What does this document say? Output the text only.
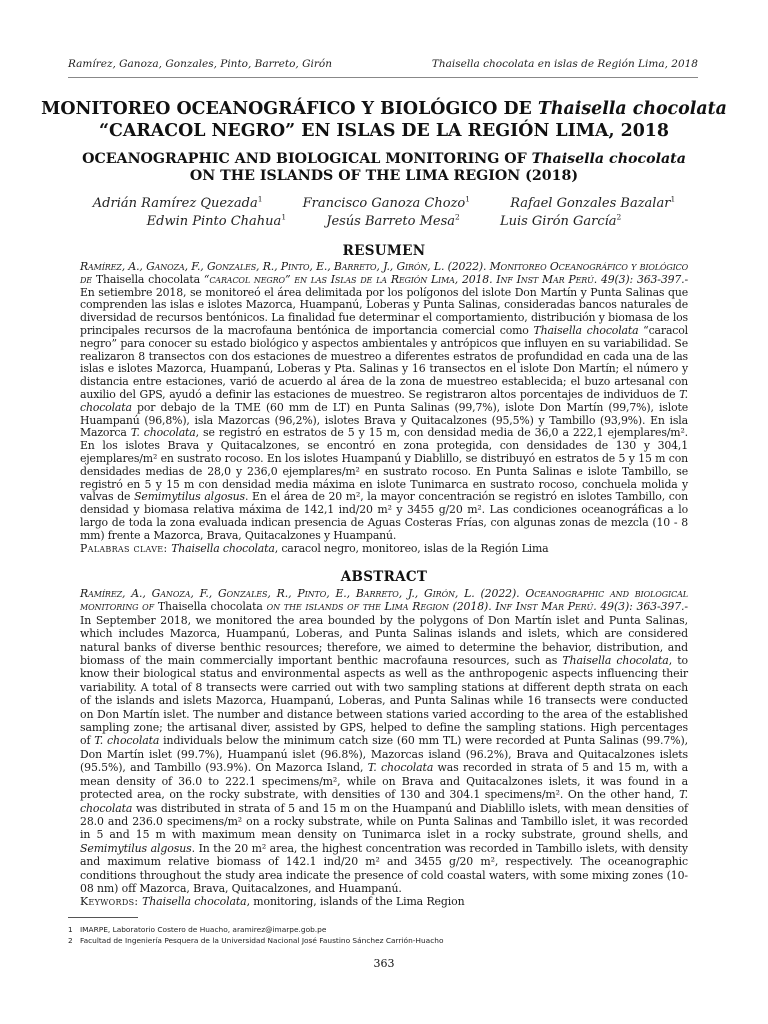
Ramírez, Ganoza, Gonzales, Pinto, Barreto, Girón	Thaisella chocolata en islas de Región Lima, 2018
MONITOREO OCEANOGRÁFICO Y BIOLÓGICO DE Thaisella chocolata
“CARACOL NEGRO” EN ISLAS DE LA REGIÓN LIMA, 2018
OCEANOGRAPHIC AND BIOLOGICAL MONITORING OF Thaisella chocolata
ON THE ISLANDS OF THE LIMA REGION (2018)
Adrián Ramírez Quezada$^1$	Francisco Ganoza Chozo$^1$	Rafael Gonzales Bazalar$^1$
Edwin Pinto Chahua$^1$	Jesús Barreto Mesa$^2$	Luis Girón García$^2$
RESUMEN
Ramírez, A., Ganoza, F., Gonzales, R., Pinto, E., Barreto, J., Girón, L. (2022). Monitoreo Oceanográfico y biológico de Thaisella chocolata “caracol negro” en las Islas de la Región Lima, 2018. Inf Inst Mar Perú. 49(3): 363-397.- En setiembre 2018, se monitoreó el área delimitada por los polígonos del islote Don Martín y Punta Salinas que comprenden las islas e islotes Mazorca, Huampanú, Loberas y Punta Salinas, consideradas bancos naturales de diversidad de recursos bentónicos. La finalidad fue determinar el comportamiento, distribución y biomasa de los principales recursos de la macrofauna bentónica de importancia comercial como Thaisella chocolata “caracol negro” para conocer su estado biológico y aspectos ambientales y antrópicos que influyen en su variabilidad. Se realizaron 8 transectos con dos estaciones de muestreo a diferentes estratos de profundidad en cada una de las islas e islotes Mazorca, Huampanú, Loberas y Pta. Salinas y 16 transectos en el islote Don Martín; el número y distancia entre estaciones, varió de acuerdo al área de la zona de muestreo establecida; el buzo artesanal con auxilio del GPS, ayudó a definir las estaciones de muestreo. Se registraron altos porcentajes de individuos de T. chocolata por debajo de la TME (60 mm de LT) en Punta Salinas (99,7%), islote Don Martín (99,7%), islote Huampanú (96,8%), isla Mazorcas (96,2%), islotes Brava y Quitacalzones (95,5%) y Tambillo (93,9%). En isla Mazorca T. chocolata, se registró en estratos de 5 y 15 m, con densidad media de 36,0 a 222,1 ejemplares/m². En los islotes Brava y Quitacalzones, se encontró en zona protegida, con densidades de 130 y 304,1 ejemplares/m² en sustrato rocoso. En los islotes Huampanú y Diablillo, se distribuyó en estratos de 5 y 15 m con densidades medias de 28,0 y 236,0 ejemplares/m² en sustrato rocoso. En Punta Salinas e islote Tambillo, se registró en 5 y 15 m con densidad media máxima en islote Tunimarca en sustrato rocoso, conchuela molida y valvas de Semimytilus algosus. En el área de 20 m², la mayor concentración se registró en islotes Tambillo, con densidad y biomasa relativa máxima de 142,1 ind/20 m² y 3455 g/20 m². Las condiciones oceanográficas a lo largo de toda la zona evaluada indican presencia de Aguas Costeras Frías, con algunas zonas de mezcla (10 - 8 mm) frente a Mazorca, Brava, Quitacalzones y Huampanú.
Palabras clave: Thaisella chocolata, caracol negro, monitoreo, islas de la Región Lima
ABSTRACT
Ramírez, A., Ganoza, F., Gonzales, R., Pinto, E., Barreto, J., Girón, L. (2022). Oceanographic and biological monitoring of Thaisella chocolata on the islands of the Lima Region (2018). Inf Inst Mar Perú. 49(3): 363-397.- In September 2018, we monitored the area bounded by the polygons of Don Martín islet and Punta Salinas, which includes Mazorca, Huampanú, Loberas, and Punta Salinas islands and islets, which are considered natural banks of diverse benthic resources; therefore, we aimed to determine the behavior, distribution, and biomass of the main commercially important benthic macrofauna resources, such as Thaisella chocolata, to know their biological status and environmental aspects as well as the anthropogenic aspects influencing their variability. A total of 8 transects were carried out with two sampling stations at different depth strata on each of the islands and islets Mazorca, Huampanú, Loberas, and Punta Salinas while 16 transects were conducted on Don Martín islet. The number and distance between stations varied according to the area of the established sampling zone; the artisanal diver, assisted by GPS, helped to define the sampling stations. High percentages of T. chocolata individuals below the minimum catch size (60 mm TL) were recorded at Punta Salinas (99.7%), Don Martín islet (99.7%), Huampanú islet (96.8%), Mazorcas island (96.2%), Brava and Quitacalzones islets (95.5%), and Tambillo (93.9%). On Mazorca Island, T. chocolata was recorded in strata of 5 and 15 m, with a mean density of 36.0 to 222.1 specimens/m², while on Brava and Quitacalzones islets, it was found in a protected area, on the rocky substrate, with densities of 130 and 304.1 specimens/m². On the other hand, T. chocolata was distributed in strata of 5 and 15 m on the Huampanú and Diablillo islets, with mean densities of 28.0 and 236.0 specimens/m² on a rocky substrate, while on Punta Salinas and Tambillo islet, it was recorded in 5 and 15 m with maximum mean density on Tunimarca islet in a rocky substrate, ground shells, and Semimytilus algosus. In the 20 m² area, the highest concentration was recorded in Tambillo islets, with density and maximum relative biomass of 142.1 ind/20 m² and 3455 g/20 m², respectively. The oceanographic conditions throughout the study area indicate the presence of cold coastal waters, with some mixing zones (10-08 nm) off Mazorca, Brava, Quitacalzones, and Huampanú.
Keywords: Thaisella chocolata, monitoring, islands of the Lima Region
1 IMARPE, Laboratorio Costero de Huacho, aramirez@imarpe.gob.pe
2 Facultad de Ingeniería Pesquera de la Universidad Nacional José Faustino Sánchez Carrión-Huacho
363
